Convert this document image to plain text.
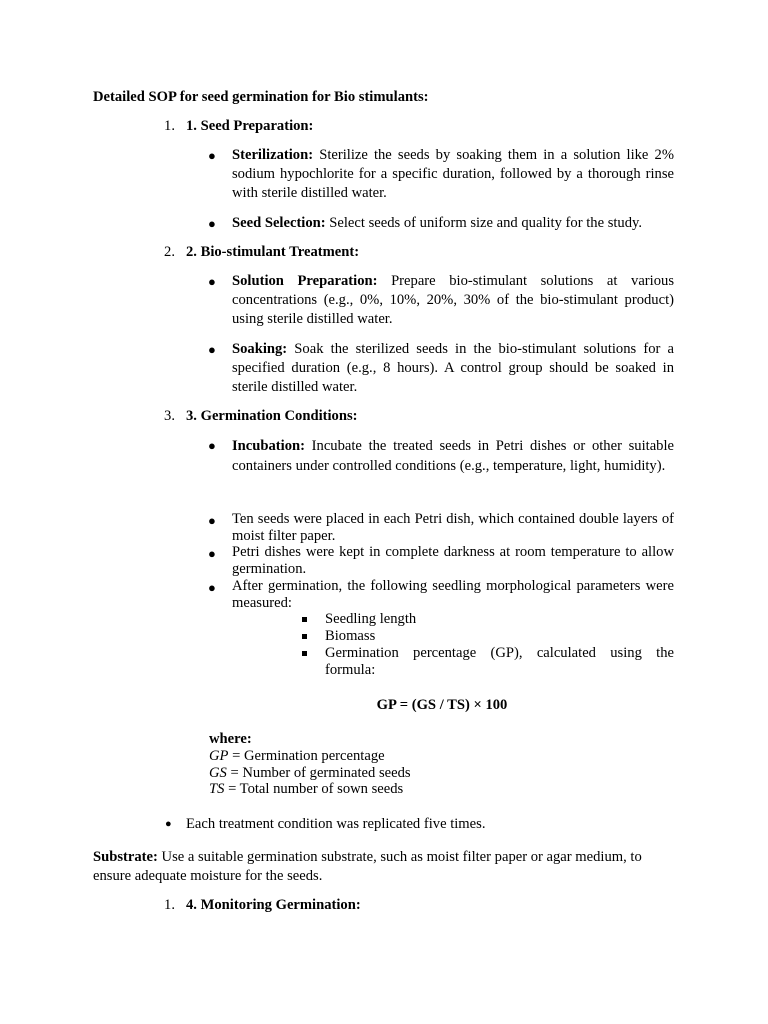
Detailed SOP for seed germination for Bio stimulants:
1. 1. Seed Preparation:
● Sterilization: Sterilize the seeds by soaking them in a solution like 2% sodium hypochlorite for a specific duration, followed by a thorough rinse with sterile distilled water.
● Seed Selection: Select seeds of uniform size and quality for the study.
2. 2. Bio-stimulant Treatment:
● Solution Preparation: Prepare bio-stimulant solutions at various concentrations (e.g., 0%, 10%, 20%, 30% of the bio-stimulant product) using sterile distilled water.
● Soaking: Soak the sterilized seeds in the bio-stimulant solutions for a specified duration (e.g., 8 hours). A control group should be soaked in sterile distilled water.
3. 3. Germination Conditions:
● Incubation: Incubate the treated seeds in Petri dishes or other suitable containers under controlled conditions (e.g., temperature, light, humidity).
● Ten seeds were placed in each Petri dish, which contained double layers of moist filter paper.
● Petri dishes were kept in complete darkness at room temperature to allow germination.
● After germination, the following seedling morphological parameters were measured:
Seedling length
Biomass
Germination percentage (GP), calculated using the formula:
GP = (GS / TS) × 100
where:
GP = Germination percentage
GS = Number of germinated seeds
TS = Total number of sown seeds
● Each treatment condition was replicated five times.
Substrate: Use a suitable germination substrate, such as moist filter paper or agar medium, to ensure adequate moisture for the seeds.
1. 4. Monitoring Germination:
